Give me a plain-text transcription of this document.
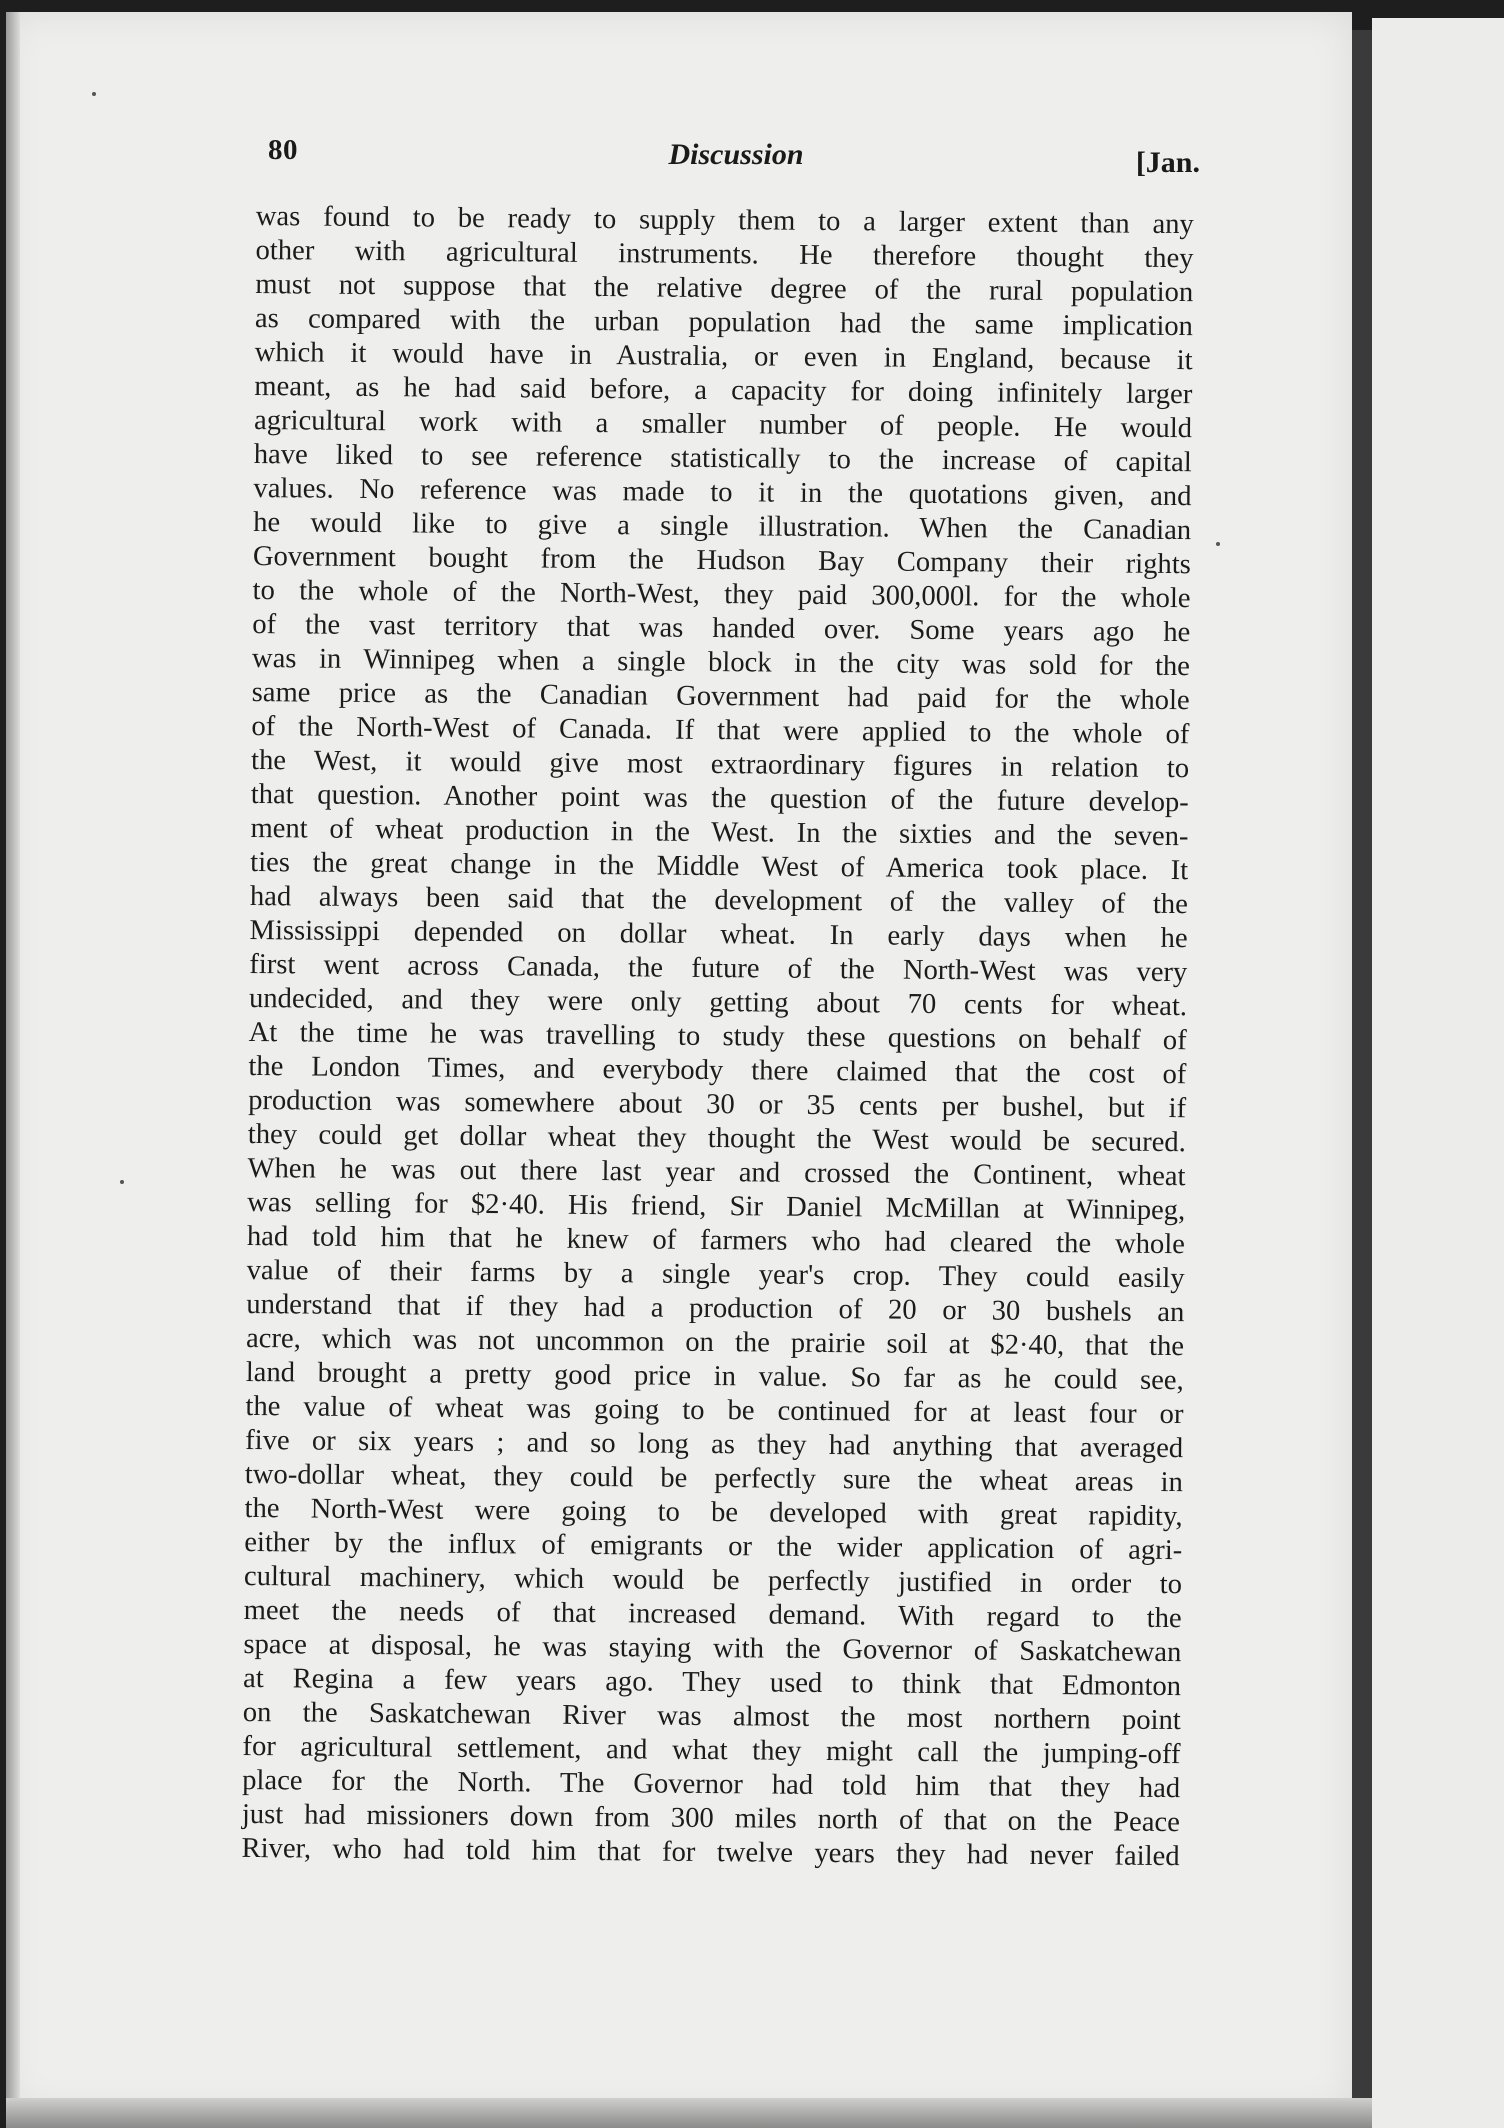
80	Discussion	[Jan.
was found to be ready to supply them to a larger extent than any
other with agricultural instruments. He therefore thought they
must not suppose that the relative degree of the rural population
as compared with the urban population had the same implication
which it would have in Australia, or even in England, because it
meant, as he had said before, a capacity for doing infinitely larger
agricultural work with a smaller number of people. He would
have liked to see reference statistically to the increase of capital
values. No reference was made to it in the quotations given, and
he would like to give a single illustration. When the Canadian
Government bought from the Hudson Bay Company their rights
to the whole of the North-West, they paid 300,000l. for the whole
of the vast territory that was handed over. Some years ago he
was in Winnipeg when a single block in the city was sold for the
same price as the Canadian Government had paid for the whole
of the North-West of Canada. If that were applied to the whole of
the West, it would give most extraordinary figures in relation to
that question. Another point was the question of the future develop-
ment of wheat production in the West. In the sixties and the seven-
ties the great change in the Middle West of America took place. It
had always been said that the development of the valley of the
Mississippi depended on dollar wheat. In early days when he
first went across Canada, the future of the North-West was very
undecided, and they were only getting about 70 cents for wheat.
At the time he was travelling to study these questions on behalf of
the London Times, and everybody there claimed that the cost of
production was somewhere about 30 or 35 cents per bushel, but if
they could get dollar wheat they thought the West would be secured.
When he was out there last year and crossed the Continent, wheat
was selling for $2·40. His friend, Sir Daniel McMillan at Winnipeg,
had told him that he knew of farmers who had cleared the whole
value of their farms by a single year's crop. They could easily
understand that if they had a production of 20 or 30 bushels an
acre, which was not uncommon on the prairie soil at $2·40, that the
land brought a pretty good price in value. So far as he could see,
the value of wheat was going to be continued for at least four or
five or six years ; and so long as they had anything that averaged
two-dollar wheat, they could be perfectly sure the wheat areas in
the North-West were going to be developed with great rapidity,
either by the influx of emigrants or the wider application of agri-
cultural machinery, which would be perfectly justified in order to
meet the needs of that increased demand. With regard to the
space at disposal, he was staying with the Governor of Saskatchewan
at Regina a few years ago. They used to think that Edmonton
on the Saskatchewan River was almost the most northern point
for agricultural settlement, and what they might call the jumping-off
place for the North. The Governor had told him that they had
just had missioners down from 300 miles north of that on the Peace
River, who had told him that for twelve years they had never failed
